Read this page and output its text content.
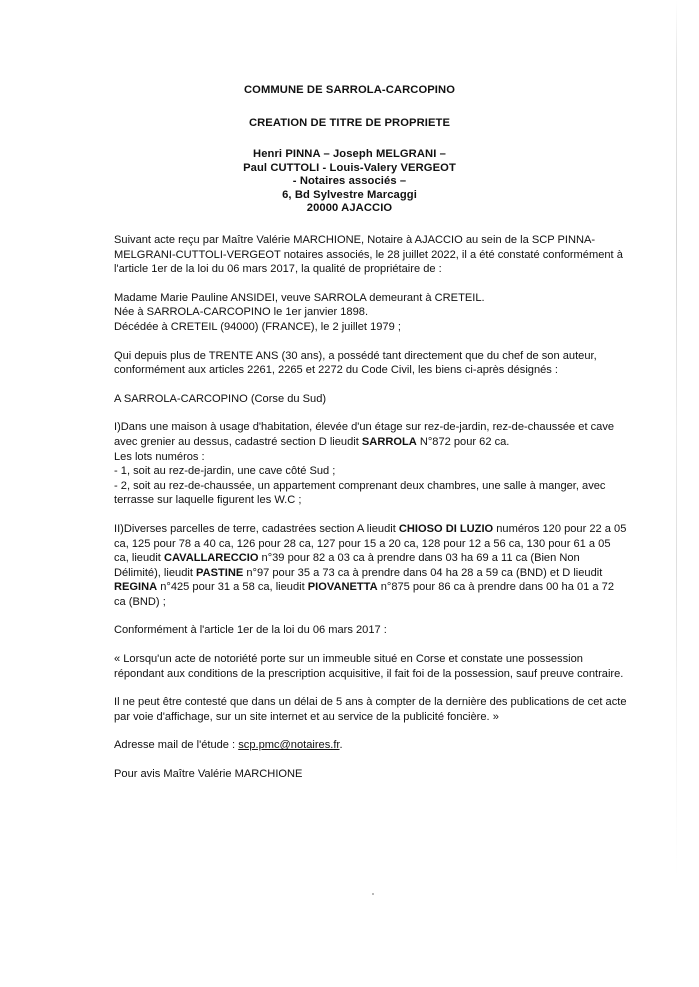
COMMUNE DE SARROLA-CARCOPINO
CREATION DE TITRE DE PROPRIETE
Henri PINNA – Joseph MELGRANI –
Paul CUTTOLI - Louis-Valery VERGEOT
- Notaires associés –
6, Bd Sylvestre Marcaggi
20000 AJACCIO

Suivant acte reçu par Maître Valérie MARCHIONE, Notaire à AJACCIO au sein de la SCP PINNA-MELGRANI-CUTTOLI-VERGEOT notaires associés, le 28 juillet 2022, il a été constaté conformément à l'article 1er de la loi du 06 mars 2017, la qualité de propriétaire de :

Madame Marie Pauline ANSIDEI, veuve SARROLA demeurant à CRETEIL.

Née à SARROLA-CARCOPINO le 1er janvier 1898.

Décédée à CRETEIL (94000) (FRANCE), le 2 juillet 1979 ;

Qui depuis plus de TRENTE ANS (30 ans), a possédé tant directement que du chef de son auteur, conformément aux articles 2261, 2265 et 2272 du Code Civil, les biens ci-après désignés :

A SARROLA-CARCOPINO (Corse du Sud)

I)Dans une maison à usage d'habitation, élevée d'un étage sur rez-de-jardin, rez-de-chaussée et cave avec grenier au dessus, cadastré section D lieudit SARROLA N°872 pour 62 ca.

Les lots numéros :

- 1, soit au rez-de-jardin, une cave côté Sud ;

- 2, soit au rez-de-chaussée, un appartement comprenant deux chambres, une salle à manger, avec terrasse sur laquelle figurent les W.C ;

II)Diverses parcelles de terre, cadastrées section A lieudit CHIOSO DI LUZIO numéros 120 pour 22 a 05 ca, 125 pour 78 a 40 ca, 126 pour 28 ca, 127 pour 15 a 20 ca, 128 pour 12 a 56 ca, 130 pour 61 a 05 ca, lieudit CAVALLARECCIO n°39 pour 82 a 03 ca à prendre dans 03 ha 69 a 11 ca (Bien Non Délimité), lieudit PASTINE n°97 pour 35 a 73 ca à prendre dans 04 ha 28 a 59 ca (BND) et D lieudit REGINA n°425 pour 31 a 58 ca, lieudit PIOVANETTA n°875 pour 86 ca à prendre dans 00 ha 01 a 72 ca (BND) ;

Conformément à l'article 1er de la loi du 06 mars 2017 :

« Lorsqu'un acte de notoriété porte sur un immeuble situé en Corse et constate une possession répondant aux conditions de la prescription acquisitive, il fait foi de la possession, sauf preuve contraire.

Il ne peut être contesté que dans un délai de 5 ans à compter de la dernière des publications de cet acte par voie d'affichage, sur un site internet et au service de la publicité foncière. »

Adresse mail de l'étude : scp.pmc@notaires.fr.

Pour avis Maître Valérie MARCHIONE
